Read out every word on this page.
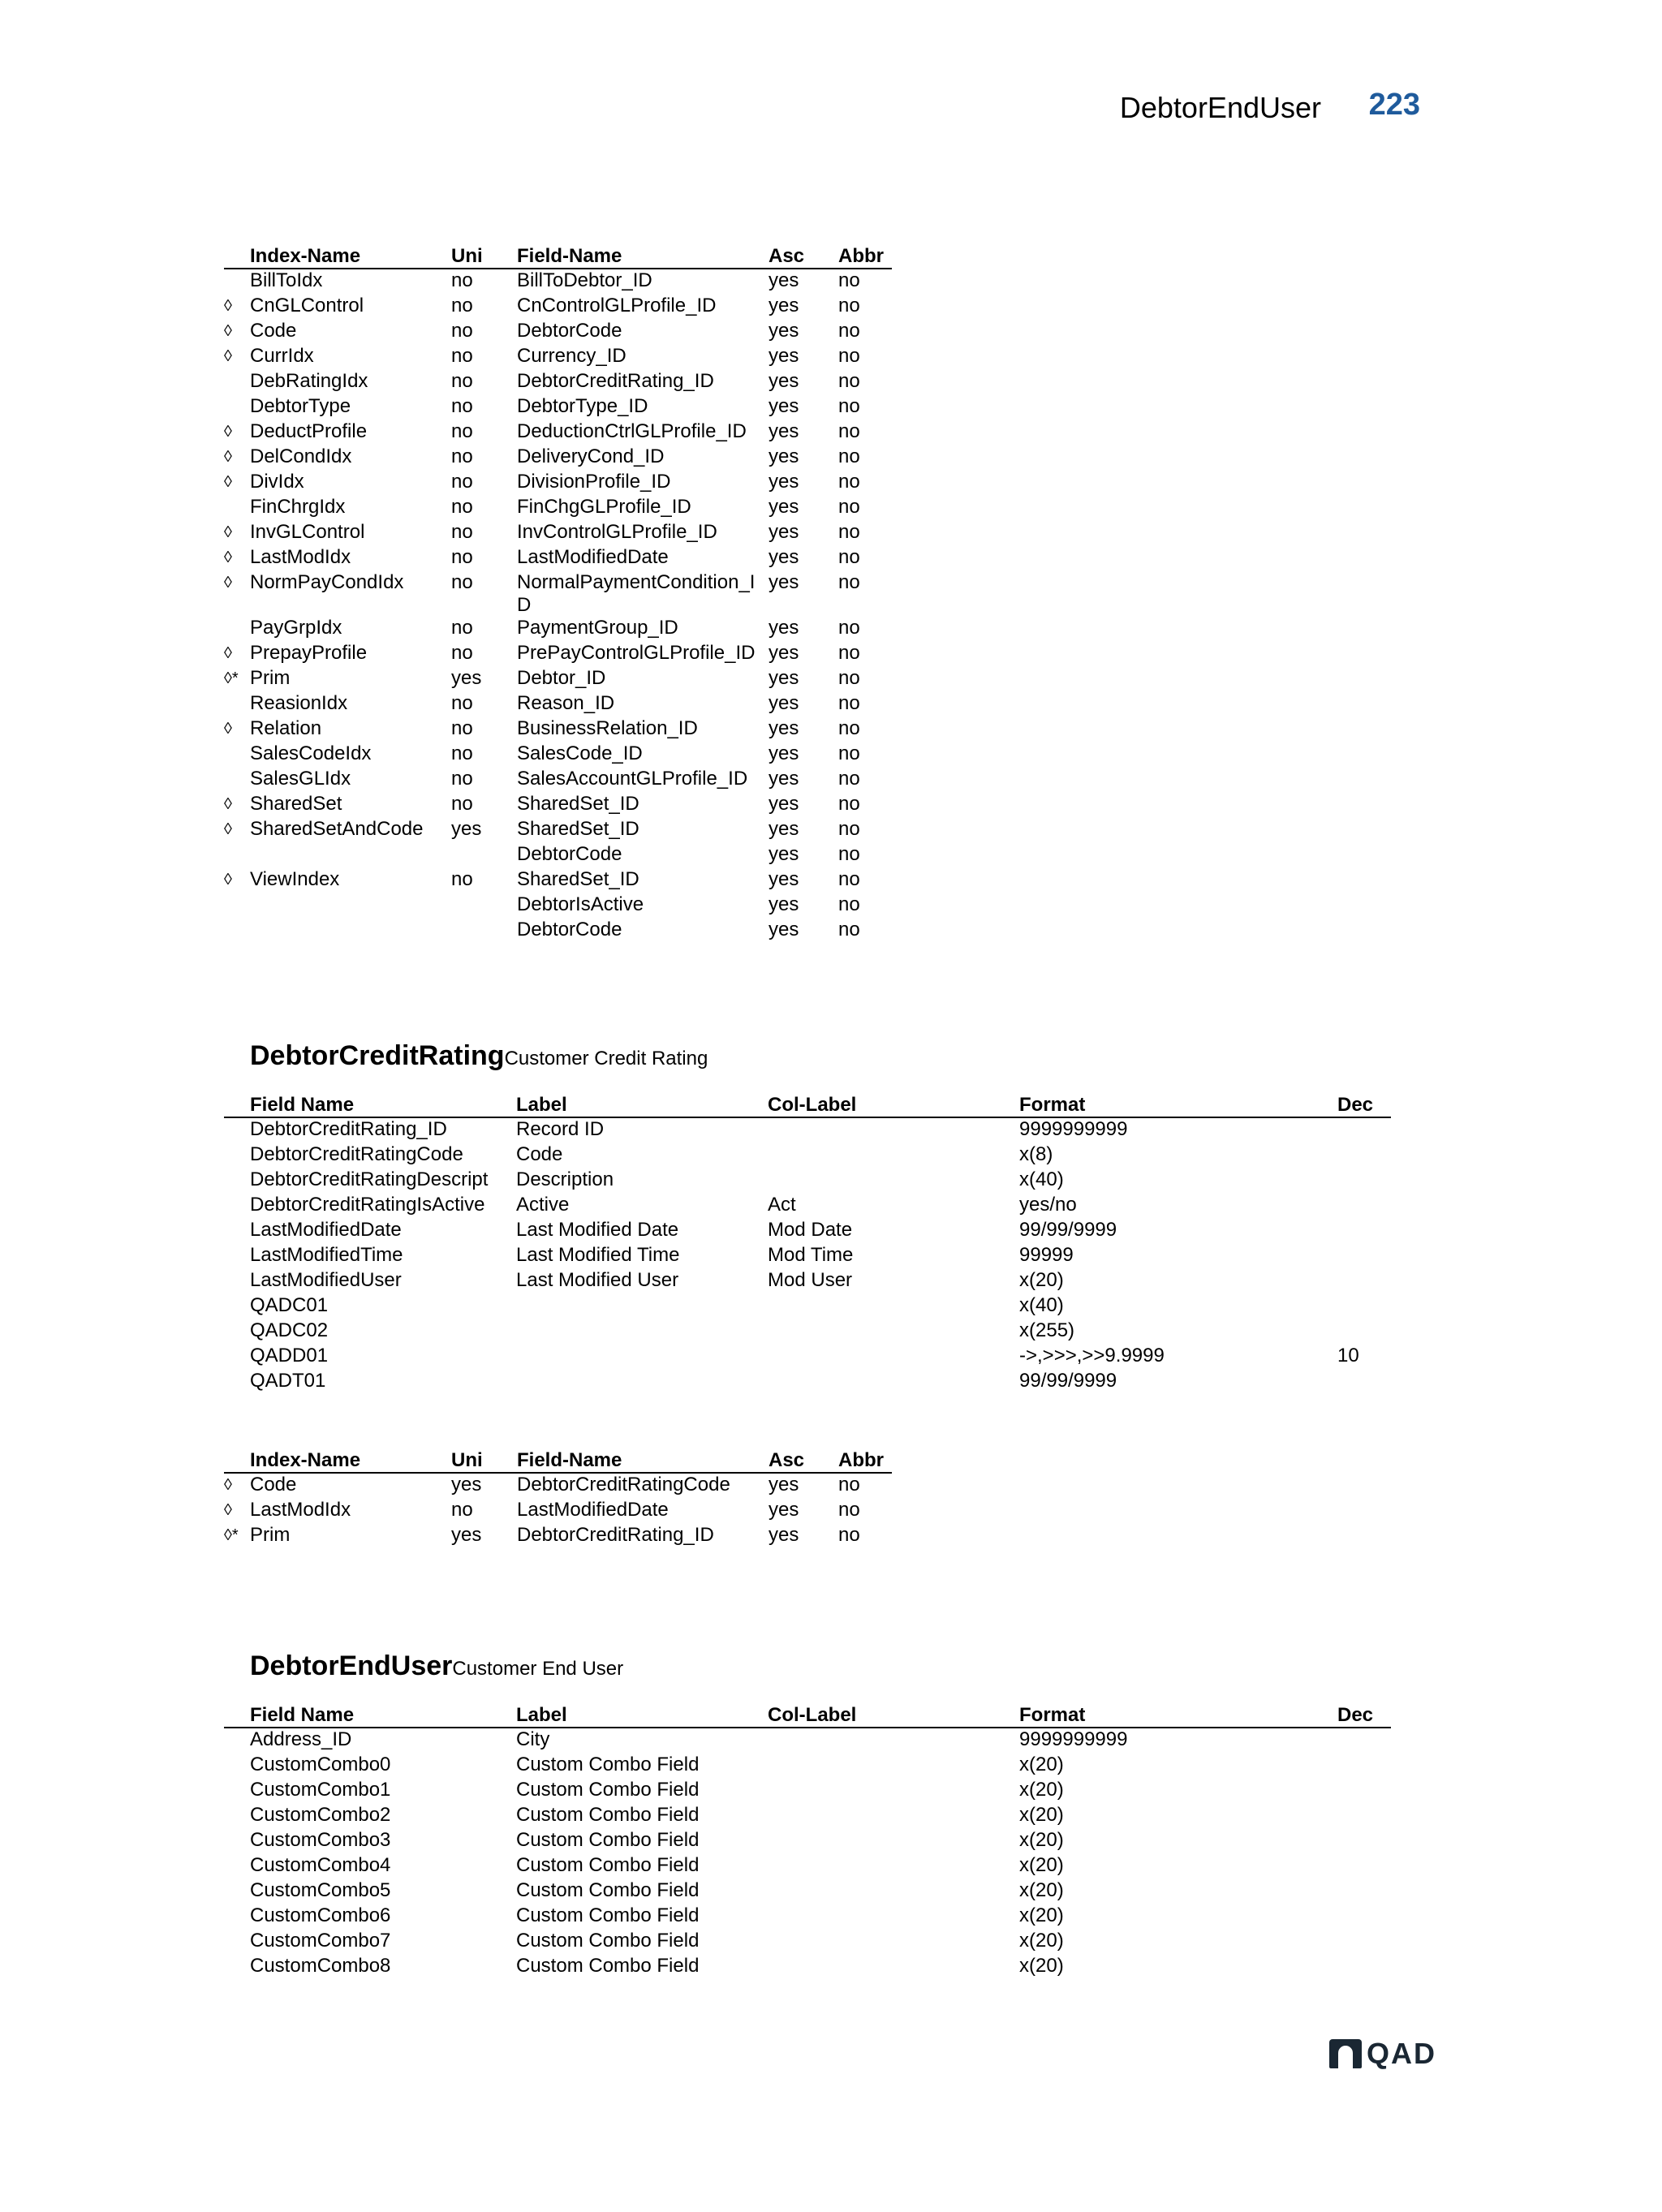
DebtorEndUser 223
	Index-Name	Uni	Field-Name	Asc	Abbr
	BillToIdx	no	BillToDebtor_ID	yes	no
◊	CnGLControl	no	CnControlGLProfile_ID	yes	no
◊	Code	no	DebtorCode	yes	no
◊	CurrIdx	no	Currency_ID	yes	no
	DebRatingIdx	no	DebtorCreditRating_ID	yes	no
	DebtorType	no	DebtorType_ID	yes	no
◊	DeductProfile	no	DeductionCtrlGLProfile_ID	yes	no
◊	DelCondIdx	no	DeliveryCond_ID	yes	no
◊	DivIdx	no	DivisionProfile_ID	yes	no
	FinChrgIdx	no	FinChgGLProfile_ID	yes	no
◊	InvGLControl	no	InvControlGLProfile_ID	yes	no
◊	LastModIdx	no	LastModifiedDate	yes	no
◊	NormPayCondIdx	no	NormalPaymentCondition_ID	yes	no
	PayGrpIdx	no	PaymentGroup_ID	yes	no
◊	PrepayProfile	no	PrePayControlGLProfile_ID	yes	no
◊*	Prim	yes	Debtor_ID	yes	no
	ReasionIdx	no	Reason_ID	yes	no
◊	Relation	no	BusinessRelation_ID	yes	no
	SalesCodeIdx	no	SalesCode_ID	yes	no
	SalesGLIdx	no	SalesAccountGLProfile_ID	yes	no
◊	SharedSet	no	SharedSet_ID	yes	no
◊	SharedSetAndCode	yes	SharedSet_ID	yes	no
			DebtorCode	yes	no
◊	ViewIndex	no	SharedSet_ID	yes	no
			DebtorIsActive	yes	no
			DebtorCode	yes	no
DebtorCreditRatingCustomer Credit Rating
	Field Name	Label	Col-Label	Format	Dec
	DebtorCreditRating_ID	Record ID		9999999999	
	DebtorCreditRatingCode	Code		x(8)	
	DebtorCreditRatingDescript	Description		x(40)	
	DebtorCreditRatingIsActive	Active	Act	yes/no	
	LastModifiedDate	Last Modified Date	Mod Date	99/99/9999	
	LastModifiedTime	Last Modified Time	Mod Time	99999	
	LastModifiedUser	Last Modified User	Mod User	x(20)	
	QADC01			x(40)	
	QADC02			x(255)	
	QADD01			->,>>>,>>9.9999	10
	QADT01			99/99/9999	
	Index-Name	Uni	Field-Name	Asc	Abbr
◊	Code	yes	DebtorCreditRatingCode	yes	no
◊	LastModIdx	no	LastModifiedDate	yes	no
◊*	Prim	yes	DebtorCreditRating_ID	yes	no
DebtorEndUserCustomer End User
	Field Name	Label	Col-Label	Format	Dec
	Address_ID	City		9999999999	
	CustomCombo0	Custom Combo Field		x(20)	
	CustomCombo1	Custom Combo Field		x(20)	
	CustomCombo2	Custom Combo Field		x(20)	
	CustomCombo3	Custom Combo Field		x(20)	
	CustomCombo4	Custom Combo Field		x(20)	
	CustomCombo5	Custom Combo Field		x(20)	
	CustomCombo6	Custom Combo Field		x(20)	
	CustomCombo7	Custom Combo Field		x(20)	
	CustomCombo8	Custom Combo Field		x(20)	
QAD
